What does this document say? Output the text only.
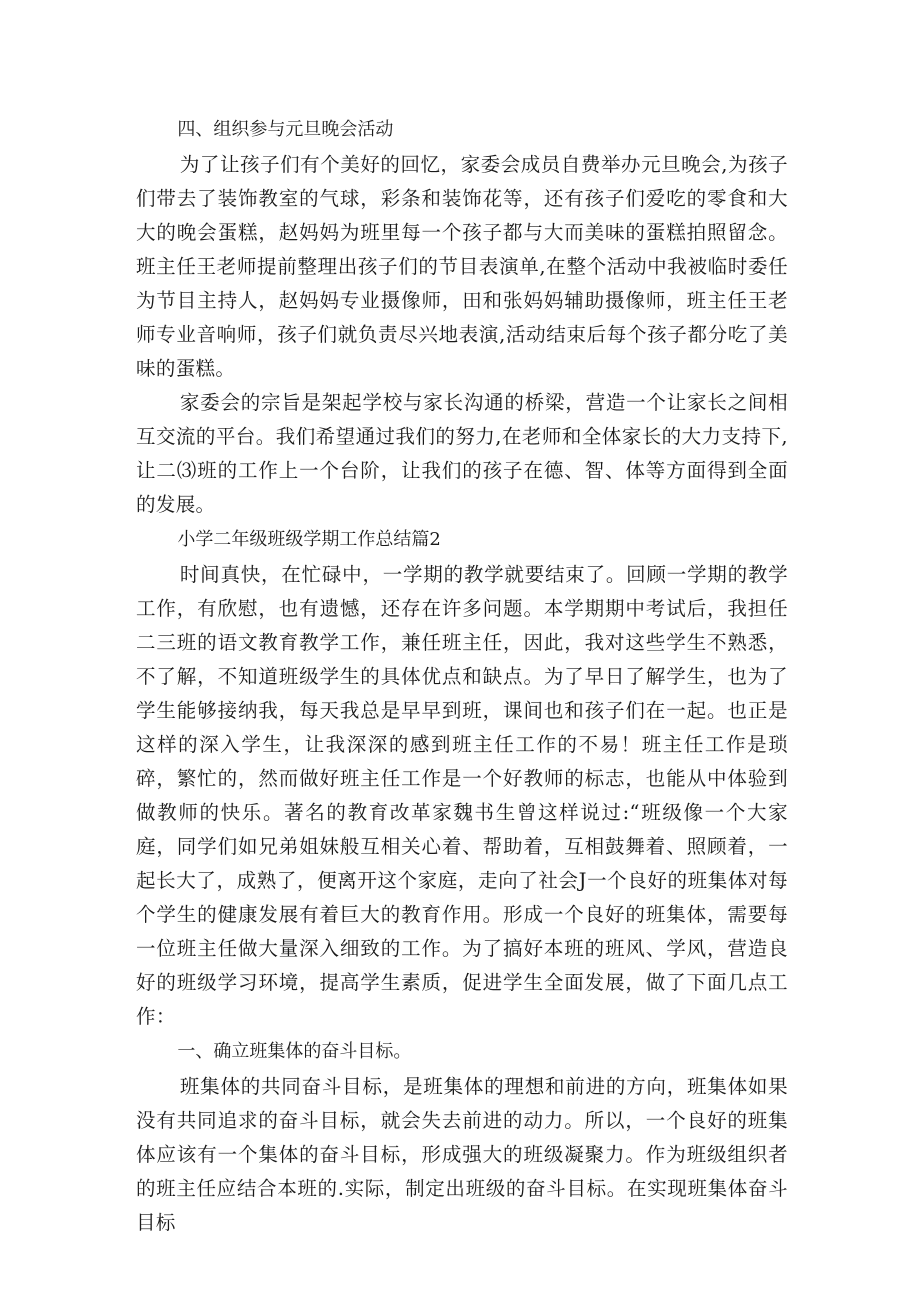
四、组织参与元旦晚会活动

为了让孩子们有个美好的回忆，家委会成员自费举办元旦晚会,为孩子们带去了装饰教室的气球，彩条和装饰花等，还有孩子们爱吃的零食和大大的晚会蛋糕，赵妈妈为班里每一个孩子都与大而美味的蛋糕拍照留念。班主任王老师提前整理出孩子们的节目表演单,在整个活动中我被临时委任为节目主持人，赵妈妈专业摄像师，田和张妈妈辅助摄像师，班主任王老师专业音响师，孩子们就负责尽兴地表演,活动结束后每个孩子都分吃了美味的蛋糕。

家委会的宗旨是架起学校与家长沟通的桥梁，营造一个让家长之间相互交流的平台。我们希望通过我们的努力,在老师和全体家长的大力支持下,让二⑶班的工作上一个台阶，让我们的孩子在德、智、体等方面得到全面的发展。

小学二年级班级学期工作总结篇2

时间真快，在忙碌中，一学期的教学就要结束了。回顾一学期的教学工作，有欣慰，也有遗憾，还存在许多问题。本学期期中考试后，我担任二三班的语文教育教学工作，兼任班主任，因此，我对这些学生不熟悉，不了解，不知道班级学生的具体优点和缺点。为了早日了解学生，也为了学生能够接纳我，每天我总是早早到班，课间也和孩子们在一起。也正是这样的深入学生，让我深深的感到班主任工作的不易！班主任工作是琐碎，繁忙的，然而做好班主任工作是一个好教师的标志，也能从中体验到做教师的快乐。著名的教育改革家魏书生曾这样说过:“班级像一个大家庭，同学们如兄弟姐妹般互相关心着、帮助着，互相鼓舞着、照顾着，一起长大了，成熟了，便离开这个家庭，走向了社会J一个良好的班集体对每个学生的健康发展有着巨大的教育作用。形成一个良好的班集体，需要每一位班主任做大量深入细致的工作。为了搞好本班的班风、学风，营造良好的班级学习环境，提高学生素质，促进学生全面发展，做了下面几点工作：

一、确立班集体的奋斗目标。

班集体的共同奋斗目标，是班集体的理想和前进的方向，班集体如果没有共同追求的奋斗目标，就会失去前进的动力。所以，一个良好的班集体应该有一个集体的奋斗目标，形成强大的班级凝聚力。作为班级组织者的班主任应结合本班的.实际，制定出班级的奋斗目标。在实现班集体奋斗目标
